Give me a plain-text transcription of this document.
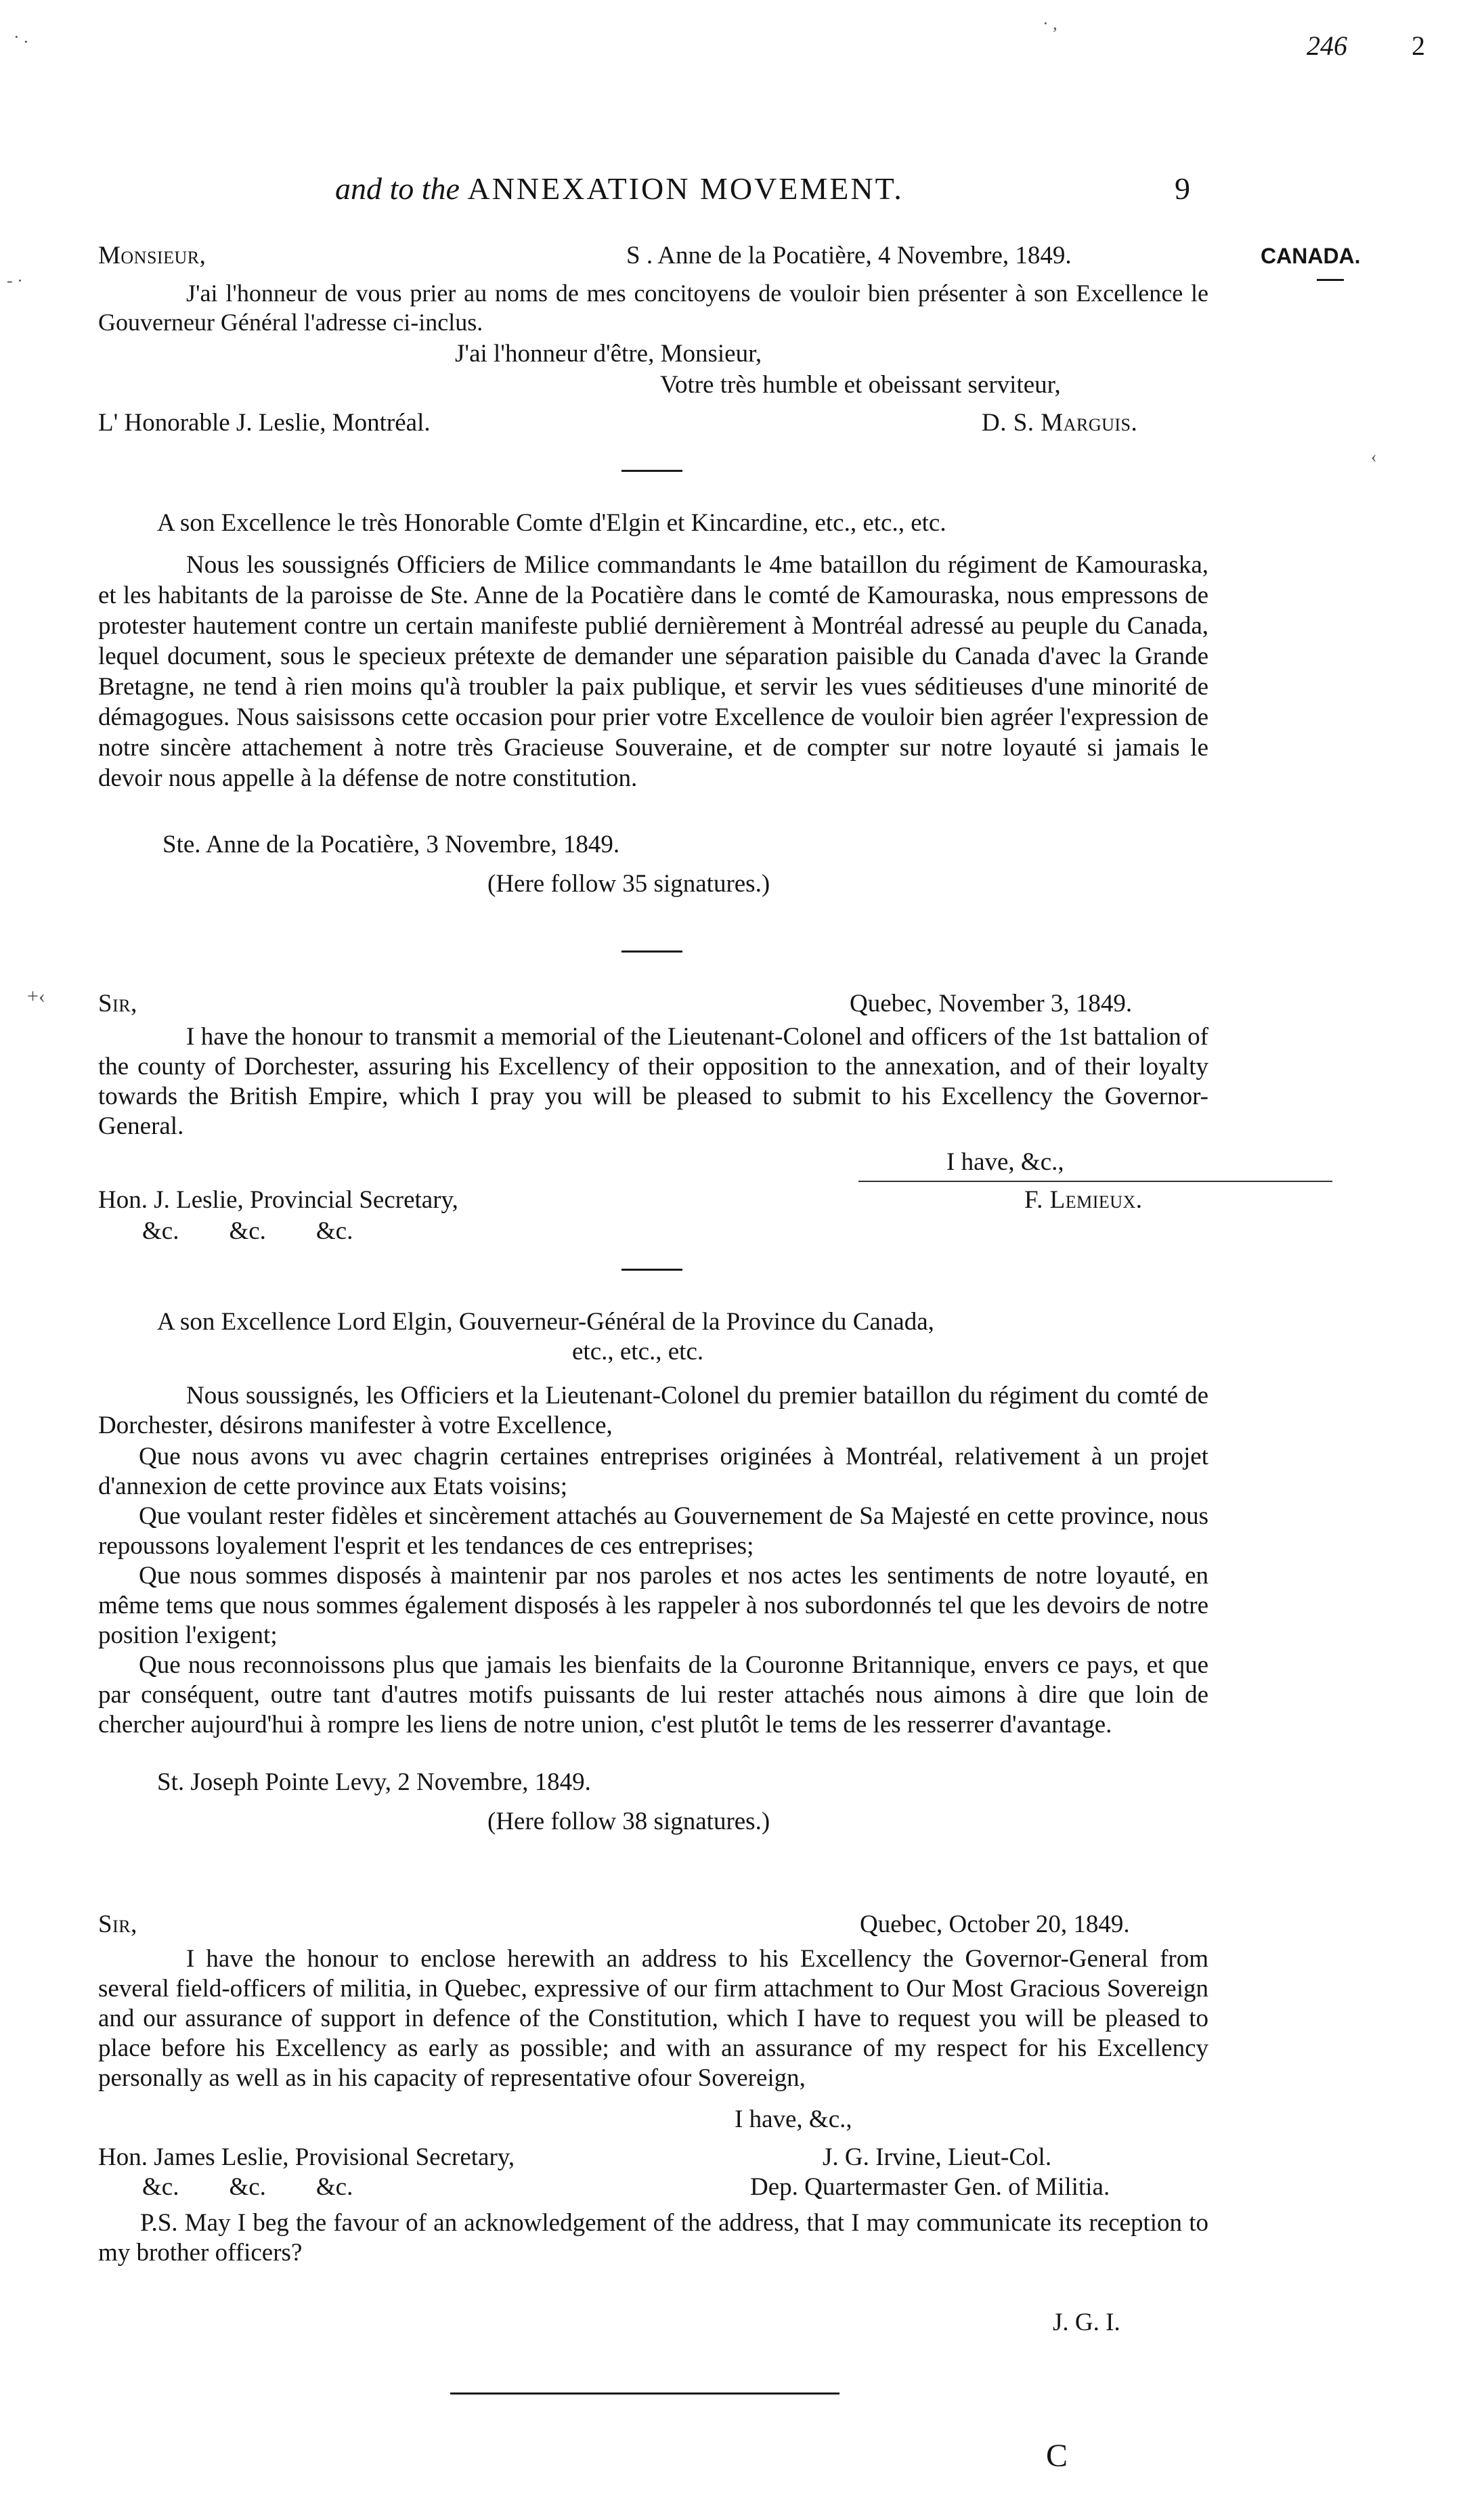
246 2
and to the ANNEXATION MOVEMENT.	9
CANADA.
Monsieur,	S . Anne de la Pocatière, 4 Novembre, 1849.
J'ai l'honneur de vous prier au noms de mes concitoyens de vouloir bien présenter à son Excellence le Gouverneur Général l'adresse ci-inclus.
J'ai l'honneur d'être, Monsieur,
Votre très humble et obeissant serviteur,
L' Honorable J. Leslie, Montréal.	D. S. Marguis.
A son Excellence le très Honorable Comte d'Elgin et Kincardine, etc., etc., etc.
Nous les soussignés Officiers de Milice commandants le 4me bataillon du régiment de Kamouraska, et les habitants de la paroisse de Ste. Anne de la Pocatière dans le comté de Kamouraska, nous empressons de protester hautement contre un certain manifeste publié dernièrement à Montréal adressé au peuple du Canada, lequel document, sous le specieux prétexte de demander une séparation paisible du Canada d'avec la Grande Bretagne, ne tend à rien moins qu'à troubler la paix publique, et servir les vues séditieuses d'une minorité de démagogues. Nous saisissons cette occasion pour prier votre Excellence de vouloir bien agréer l'expression de notre sincère attachement à notre très Gracieuse Souveraine, et de compter sur notre loyauté si jamais le devoir nous appelle à la défense de notre constitution.
Ste. Anne de la Pocatière, 3 Novembre, 1849.
(Here follow 35 signatures.)
Sir,	Quebec, November 3, 1849.
I have the honour to transmit a memorial of the Lieutenant-Colonel and officers of the 1st battalion of the county of Dorchester, assuring his Excellency of their opposition to the annexation, and of their loyalty towards the British Empire, which I pray you will be pleased to submit to his Excellency the Governor-General.
I have, &c.,
Hon. J. Leslie, Provincial Secretary,	F. Lemieux.
&c.        &c.        &c.
A son Excellence Lord Elgin, Gouverneur-Général de la Province du Canada,
etc., etc., etc.
Nous soussignés, les Officiers et la Lieutenant-Colonel du premier bataillon du régiment du comté de Dorchester, désirons manifester à votre Excellence,
Que nous avons vu avec chagrin certaines entreprises originées à Montréal, relativement à un projet d'annexion de cette province aux Etats voisins;
Que voulant rester fidèles et sincèrement attachés au Gouvernement de Sa Majesté en cette province, nous repoussons loyalement l'esprit et les tendances de ces entreprises;
Que nous sommes disposés à maintenir par nos paroles et nos actes les sentiments de notre loyauté, en même tems que nous sommes également disposés à les rappeler à nos subordonnés tel que les devoirs de notre position l'exigent;
Que nous reconnoissons plus que jamais les bienfaits de la Couronne Britannique, envers ce pays, et que par conséquent, outre tant d'autres motifs puissants de lui rester attachés nous aimons à dire que loin de chercher aujourd'hui à rompre les liens de notre union, c'est plutôt le tems de les resserrer d'avantage.
St. Joseph Pointe Levy, 2 Novembre, 1849.
(Here follow 38 signatures.)
Sir,	Quebec, October 20, 1849.
I have the honour to enclose herewith an address to his Excellency the Governor-General from several field-officers of militia, in Quebec, expressive of our firm attachment to Our Most Gracious Sovereign and our assurance of support in defence of the Constitution, which I have to request you will be pleased to place before his Excellency as early as possible; and with an assurance of my respect for his Excellency personally as well as in his capacity of representative ofour Sovereign,
I have, &c.,
Hon. James Leslie, Provisional Secretary,	J. G. Irvine, Lieut-Col.
&c.        &c.        &c.	Dep. Quartermaster Gen. of Militia.
P.S. May I beg the favour of an acknowledgement of the address, that I may communicate its reception to my brother officers?
J. G. I.
C
· .
- ·
+‹
‹
· ,
